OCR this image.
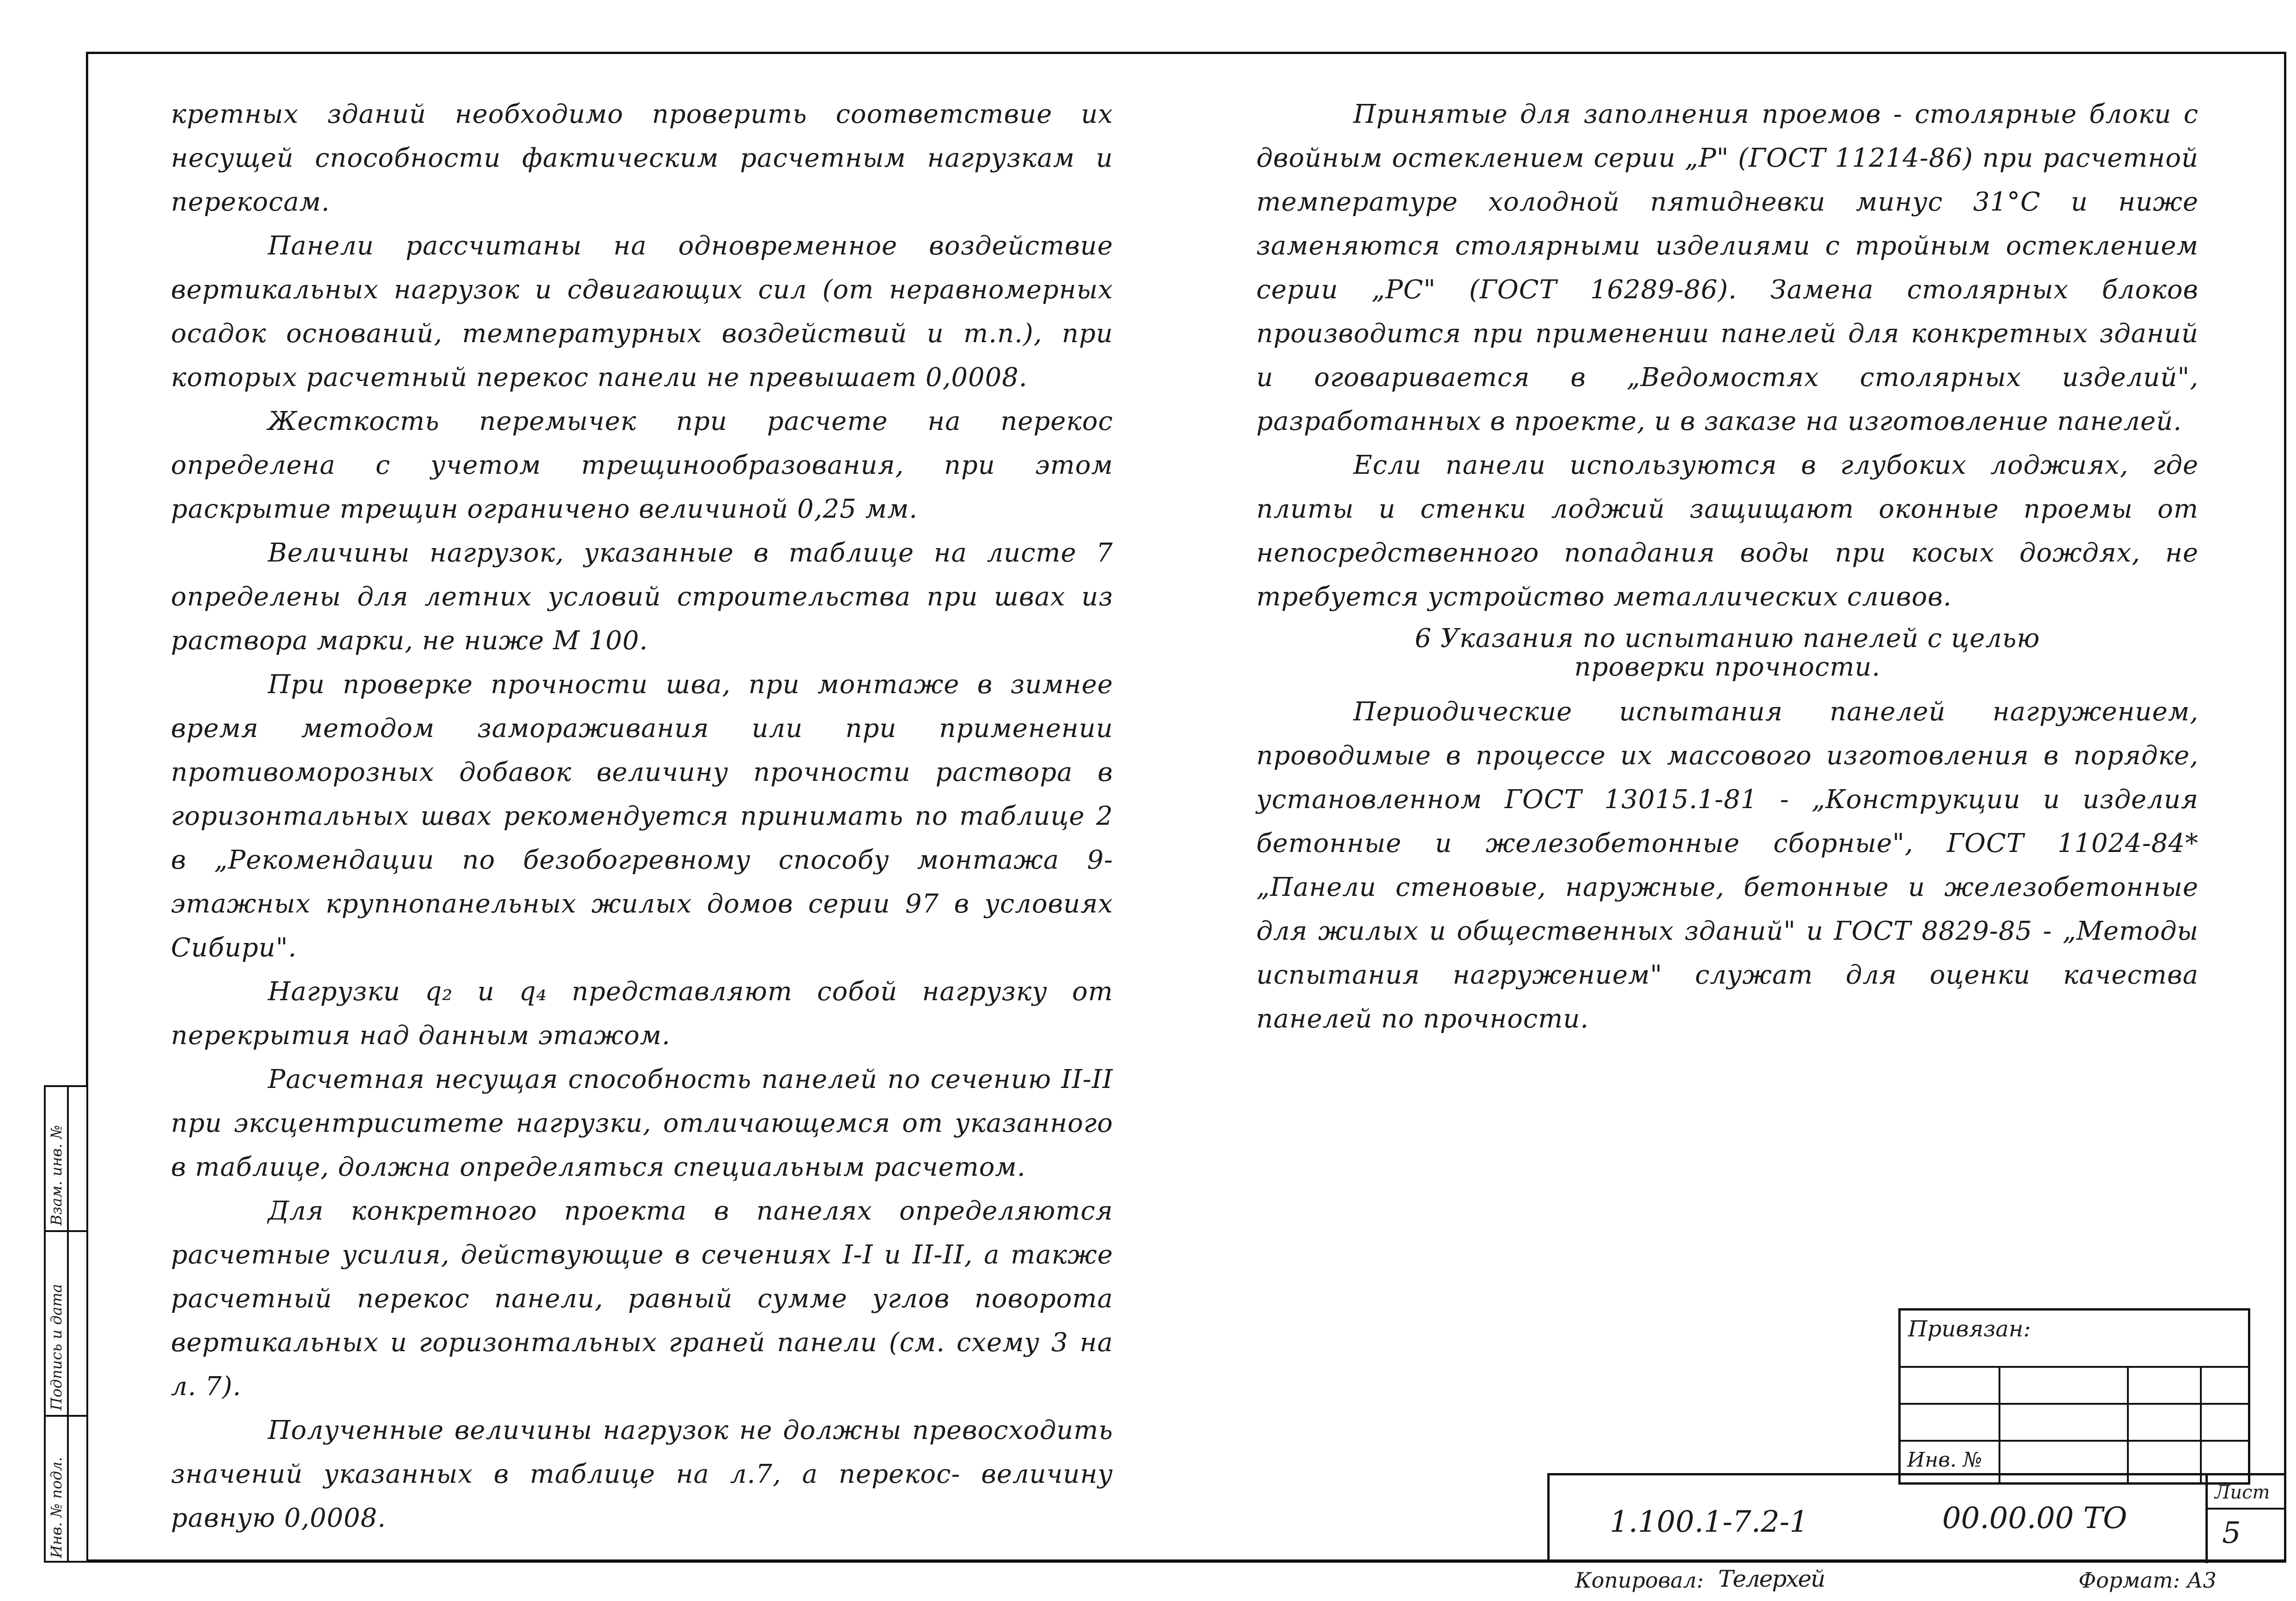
кретных зданий необходимо проверить соответствие их несущей способности фактическим расчетным нагрузкам и перекосам.

Панели рассчитаны на одновременное воздействие вертикальных нагрузок и сдвигающих сил (от неравномерных осадок оснований, температурных воздействий и т.п.), при которых расчетный перекос панели не превышает 0,0008.

Жесткость перемычек при расчете на перекос определена с учетом трещинообразования, при этом раскрытие трещин ограничено величиной 0,25 мм.

Величины нагрузок, указанные в таблице на листе 7 определены для летних условий строительства при швах из раствора марки, не ниже М 100.

При проверке прочности шва, при монтаже в зимнее время методом замораживания или при применении противоморозных добавок величину прочности раствора в горизонтальных швах рекомендуется принимать по таблице 2 в „Рекомендации по безобогревному способу монтажа 9-этажных крупнопанельных жилых домов серии 97 в условиях Сибири".

Нагрузки q₂ и q₄ представляют собой нагрузку от перекрытия над данным этажом.

Расчетная несущая способность панелей по сечению II-II при эксцентриситете нагрузки, отличающемся от указанного в таблице, должна определяться специальным расчетом.

Для конкретного проекта в панелях определяются расчетные усилия, действующие в сечениях I-I и II-II, а также расчетный перекос панели, равный сумме углов поворота вертикальных и горизонтальных граней панели (см. схему 3 на л. 7).

Полученные величины нагрузок не должны превосходить значений указанных в таблице на л.7, а перекос- величину равную 0,0008.

Принятые для заполнения проемов - столярные блоки с двойным остеклением серии „Р" (ГОСТ 11214-86) при расчетной температуре холодной пятидневки минус 31°С и ниже заменяются столярными изделиями с тройным остеклением серии „РС" (ГОСТ 16289-86). Замена столярных блоков производится при применении панелей для конкретных зданий и оговаривается в „Ведомостях столярных изделий", разработанных в проекте, и в заказе на изготовление панелей.

Если панели используются в глубоких лоджиях, где плиты и стенки лоджий защищают оконные проемы от непосредственного попадания воды при косых дождях, не требуется устройство металлических сливов.

6 Указания по испытанию панелей с целью
проверки прочности.

Периодические испытания панелей нагружением, проводимые в процессе их массового изготовления в порядке, установленном ГОСТ 13015.1-81 - „Конструкции и изделия бетонные и железобетонные сборные", ГОСТ 11024-84* „Панели стеновые, наружные, бетонные и железобетонные для жилых и общественных зданий" и ГОСТ 8829-85 - „Методы испытания нагружением" служат для оценки качества панелей по прочности.

Взам. инв. №
Подпись и дата
Инв. № подл.
Привязан:
Инв. №
Лист
5
1.100.1-7.2-1	00.00.00 ТО
Копировал: Телерхей	Формат: А3
